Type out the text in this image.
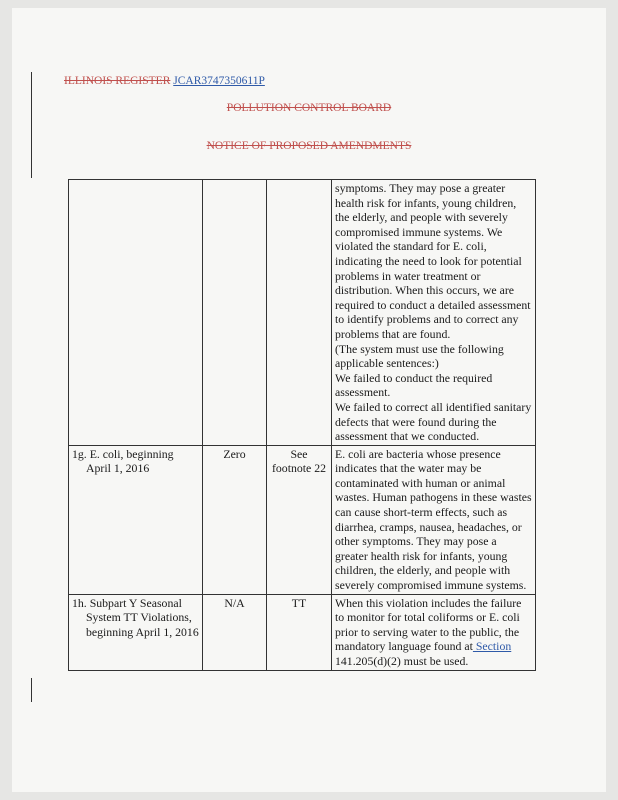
ILLINOIS REGISTER JCAR3747350611P
POLLUTION CONTROL BOARD
NOTICE OF PROPOSED AMENDMENTS

			symptoms. They may pose a greater health risk for infants, young children, the elderly, and people with severely compromised immune systems. We violated the standard for E. coli, indicating the need to look for potential problems in water treatment or distribution. When this occurs, we are required to conduct a detailed assessment to identify problems and to correct any problems that are found.
(The system must use the following applicable sentences:)
We failed to conduct the required assessment.
We failed to correct all identified sanitary defects that were found during the assessment that we conducted.

1g. E. coli, beginning April 1, 2016	Zero	See footnote 22	E. coli are bacteria whose presence indicates that the water may be contaminated with human or animal wastes. Human pathogens in these wastes can cause short-term effects, such as diarrhea, cramps, nausea, headaches, or other symptoms. They may pose a greater health risk for infants, young children, the elderly, and people with severely compromised immune systems.
1h. Subpart Y Seasonal System TT Violations, beginning April 1, 2016	N/A	TT	When this violation includes the failure to monitor for total coliforms or E. coli prior to serving water to the public, the mandatory language found at Section 141.205(d)(2) must be used.
